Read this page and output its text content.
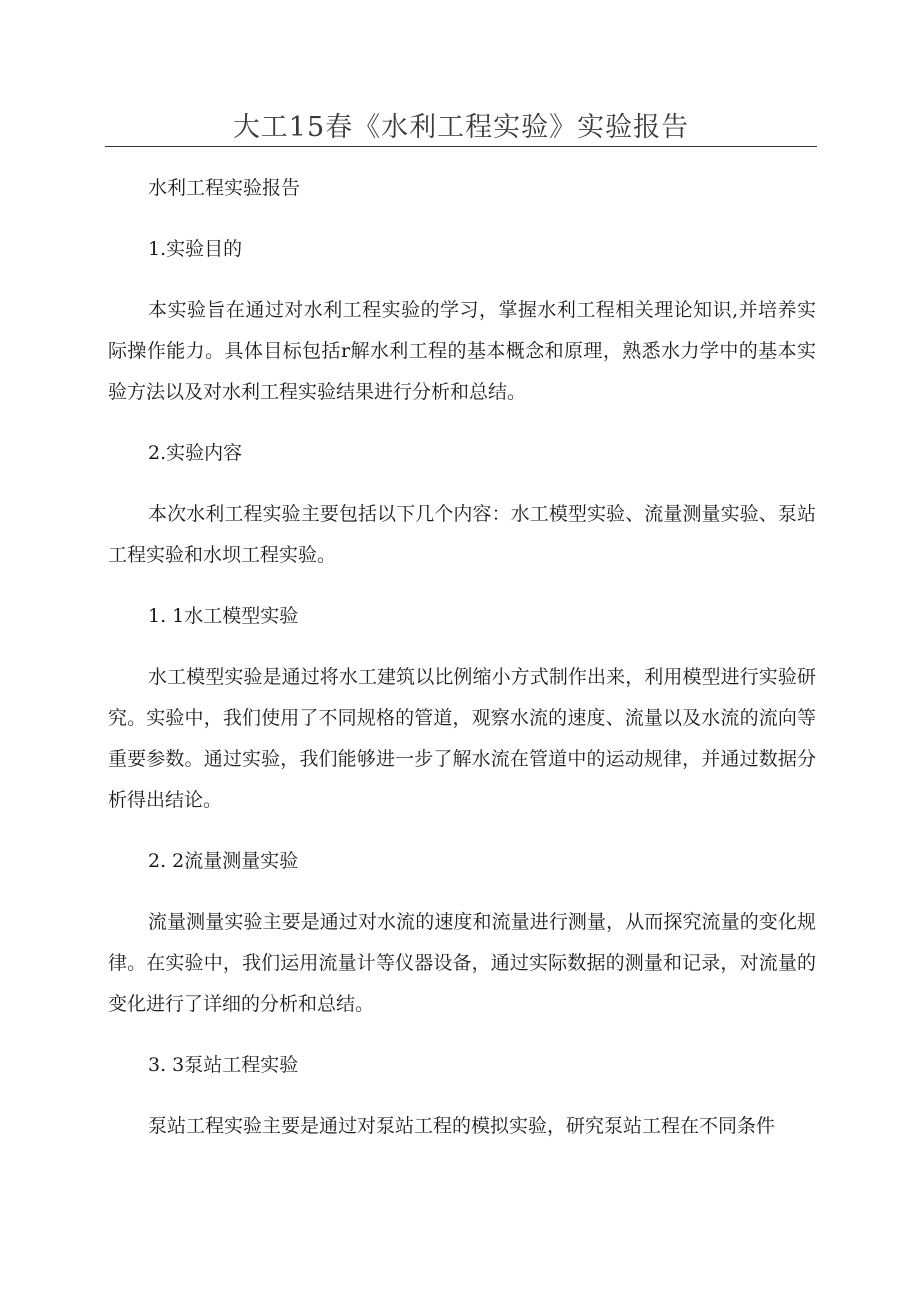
大工15春《水利工程实验》实验报告
水利工程实验报告
1.实验目的

本实验旨在通过对水利工程实验的学习，掌握水利工程相关理论知识,并培养实际操作能力。具体目标包括r解水利工程的基本概念和原理，熟悉水力学中的基本实验方法以及对水利工程实验结果进行分析和总结。

2.实验内容

本次水利工程实验主要包括以下几个内容：水工模型实验、流量测量实验、泵站工程实验和水坝工程实验。

1. 1水工模型实验

水工模型实验是通过将水工建筑以比例缩小方式制作出来，利用模型进行实验研究。实验中，我们使用了不同规格的管道，观察水流的速度、流量以及水流的流向等重要参数。通过实验，我们能够进一步了解水流在管道中的运动规律，并通过数据分析得出结论。

2. 2流量测量实验

流量测量实验主要是通过对水流的速度和流量进行测量，从而探究流量的变化规律。在实验中，我们运用流量计等仪器设备，通过实际数据的测量和记录，对流量的变化进行了详细的分析和总结。

3. 3泵站工程实验

泵站工程实验主要是通过对泵站工程的模拟实验，研究泵站工程在不同条件
